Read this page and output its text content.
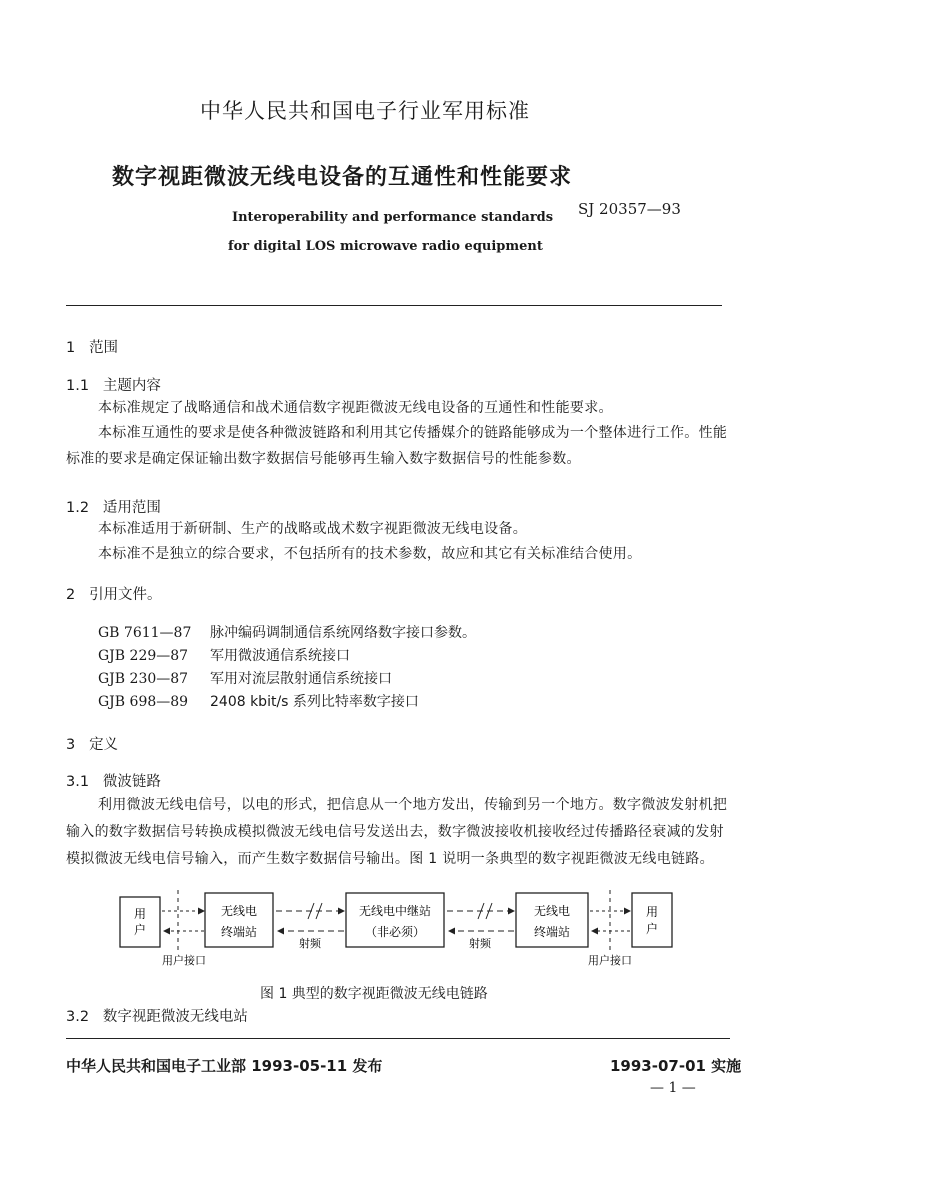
中华人民共和国电子行业军用标准
数字视距微波无线电设备的互通性和性能要求
Interoperability and performance standards
for digital LOS microwave radio equipment
SJ 20357—93
1 范围
1.1 主题内容
本标准规定了战略通信和战术通信数字视距微波无线电设备的互通性和性能要求。
本标准互通性的要求是使各种微波链路和利用其它传播媒介的链路能够成为一个整体进行工作。性能标准的要求是确定保证输出数字数据信号能够再生输入数字数据信号的性能参数。
1.2 适用范围
本标准适用于新研制、生产的战略或战术数字视距微波无线电设备。
本标准不是独立的综合要求，不包括所有的技术参数，故应和其它有关标准结合使用。
2 引用文件。
GB 7611—87 脉冲编码调制通信系统网络数字接口参数。
GJB 229—87 军用微波通信系统接口
GJB 230—87 军用对流层散射通信系统接口
GJB 698—89 2408 kbit/s 系列比特率数字接口
3 定义
3.1 微波链路
利用微波无线电信号，以电的形式，把信息从一个地方发出，传输到另一个地方。数字微波发射机把输入的数字数据信号转换成模拟微波无线电信号发送出去，数字微波接收机接收经过传播路径衰减的发射模拟微波无线电信号输入，而产生数字数据信号输出。图 1 说明一条典型的数字视距微波无线电链路。
用
户
无线电
终端站
射频
无线电中继站
（非必须）
射频
无线电
终端站
用
户
用户接口	用户接口
图 1 典型的数字视距微波无线电链路
3.2 数字视距微波无线电站
中华人民共和国电子工业部 1993-05-11 发布	1993-07-01 实施
— 1 —
